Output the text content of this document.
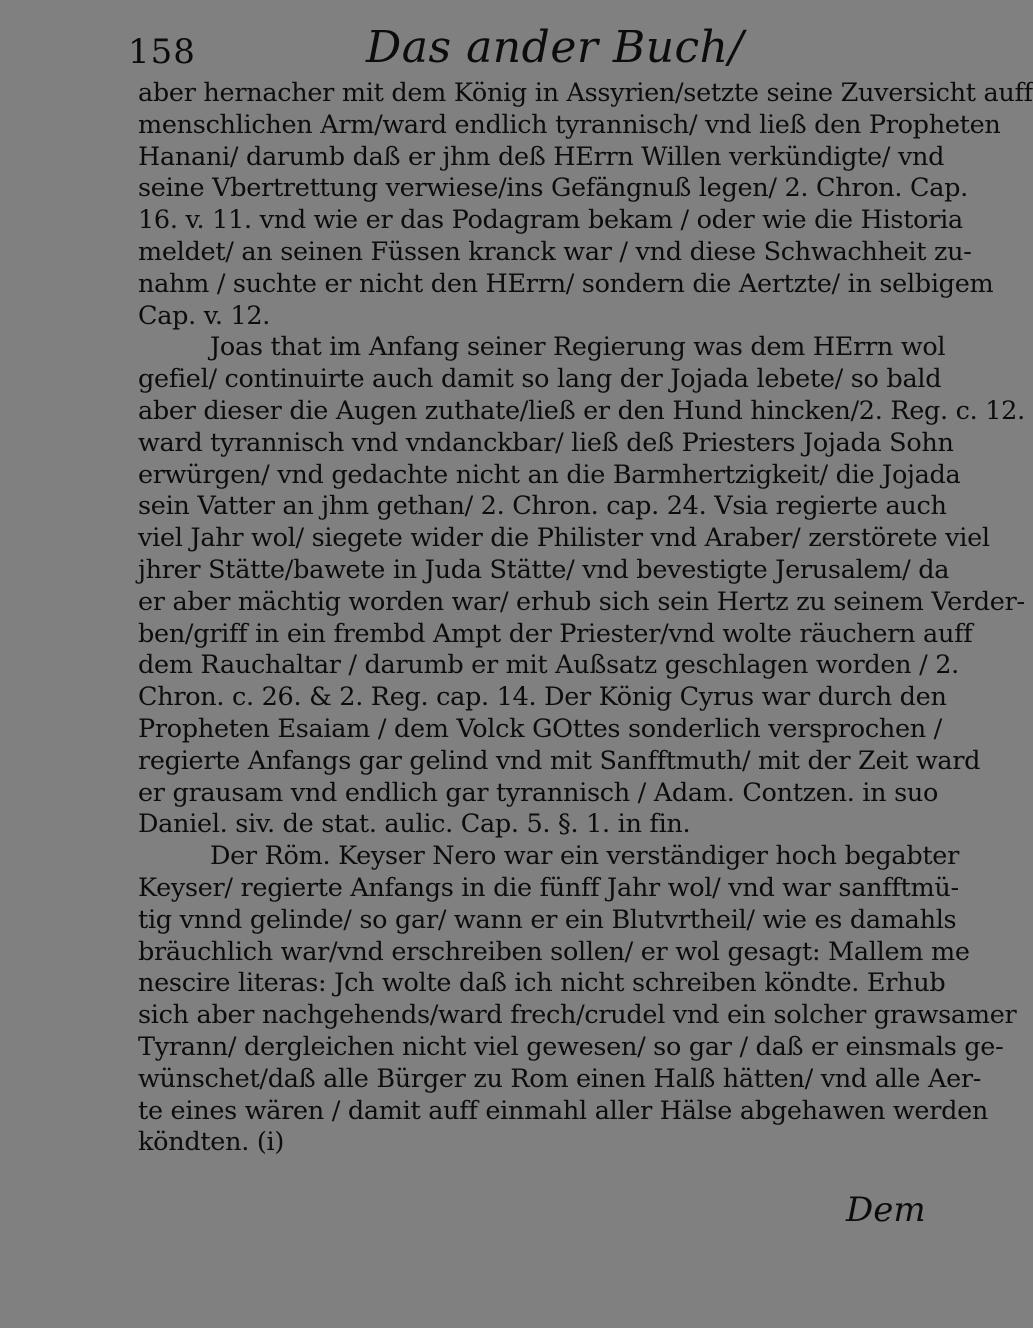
158	Das ander Buch/
aber hernacher mit dem König in Assyrien/setzte seine Zuversicht auff
menschlichen Arm/ward endlich tyrannisch/ vnd ließ den Propheten
Hanani/ darumb daß er jhm deß HErrn Willen verkündigte/ vnd
seine Vbertrettung verwiese/ins Gefängnuß legen/ 2. Chron. Cap.
16. v. 11. vnd wie er das Podagram bekam / oder wie die Historia
meldet/ an seinen Füssen kranck war / vnd diese Schwachheit zu-
nahm / suchte er nicht den HErrn/ sondern die Aertzte/ in selbigem
Cap. v. 12.
Joas that im Anfang seiner Regierung was dem HErrn wol
gefiel/ continuirte auch damit so lang der Jojada lebete/ so bald
aber dieser die Augen zuthate/ließ er den Hund hincken/2. Reg. c. 12.
ward tyrannisch vnd vndanckbar/ ließ deß Priesters Jojada Sohn
erwürgen/ vnd gedachte nicht an die Barmhertzigkeit/ die Jojada
sein Vatter an jhm gethan/ 2. Chron. cap. 24. Vsia regierte auch
viel Jahr wol/ siegete wider die Philister vnd Araber/ zerstörete viel
jhrer Stätte/bawete in Juda Stätte/ vnd bevestigte Jerusalem/ da
er aber mächtig worden war/ erhub sich sein Hertz zu seinem Verder-
ben/griff in ein frembd Ampt der Priester/vnd wolte räuchern auff
dem Rauchaltar / darumb er mit Außsatz geschlagen worden / 2.
Chron. c. 26. & 2. Reg. cap. 14. Der König Cyrus war durch den
Propheten Esaiam / dem Volck GOttes sonderlich versprochen /
regierte Anfangs gar gelind vnd mit Sanfftmuth/ mit der Zeit ward
er grausam vnd endlich gar tyrannisch / Adam. Contzen. in suo
Daniel. siv. de stat. aulic. Cap. 5. §. 1. in fin.
Der Röm. Keyser Nero war ein verständiger hoch begabter
Keyser/ regierte Anfangs in die fünff Jahr wol/ vnd war sanfftmü-
tig vnnd gelinde/ so gar/ wann er ein Blutvrtheil/ wie es damahls
bräuchlich war/vnd erschreiben sollen/ er wol gesagt: Mallem me
nescire literas: Jch wolte daß ich nicht schreiben köndte. Erhub
sich aber nachgehends/ward frech/crudel vnd ein solcher grawsamer
Tyrann/ dergleichen nicht viel gewesen/ so gar / daß er einsmals ge-
wünschet/daß alle Bürger zu Rom einen Halß hätten/ vnd alle Aer-
te eines wären / damit auff einmahl aller Hälse abgehawen werden
köndten. (i)
Dem
